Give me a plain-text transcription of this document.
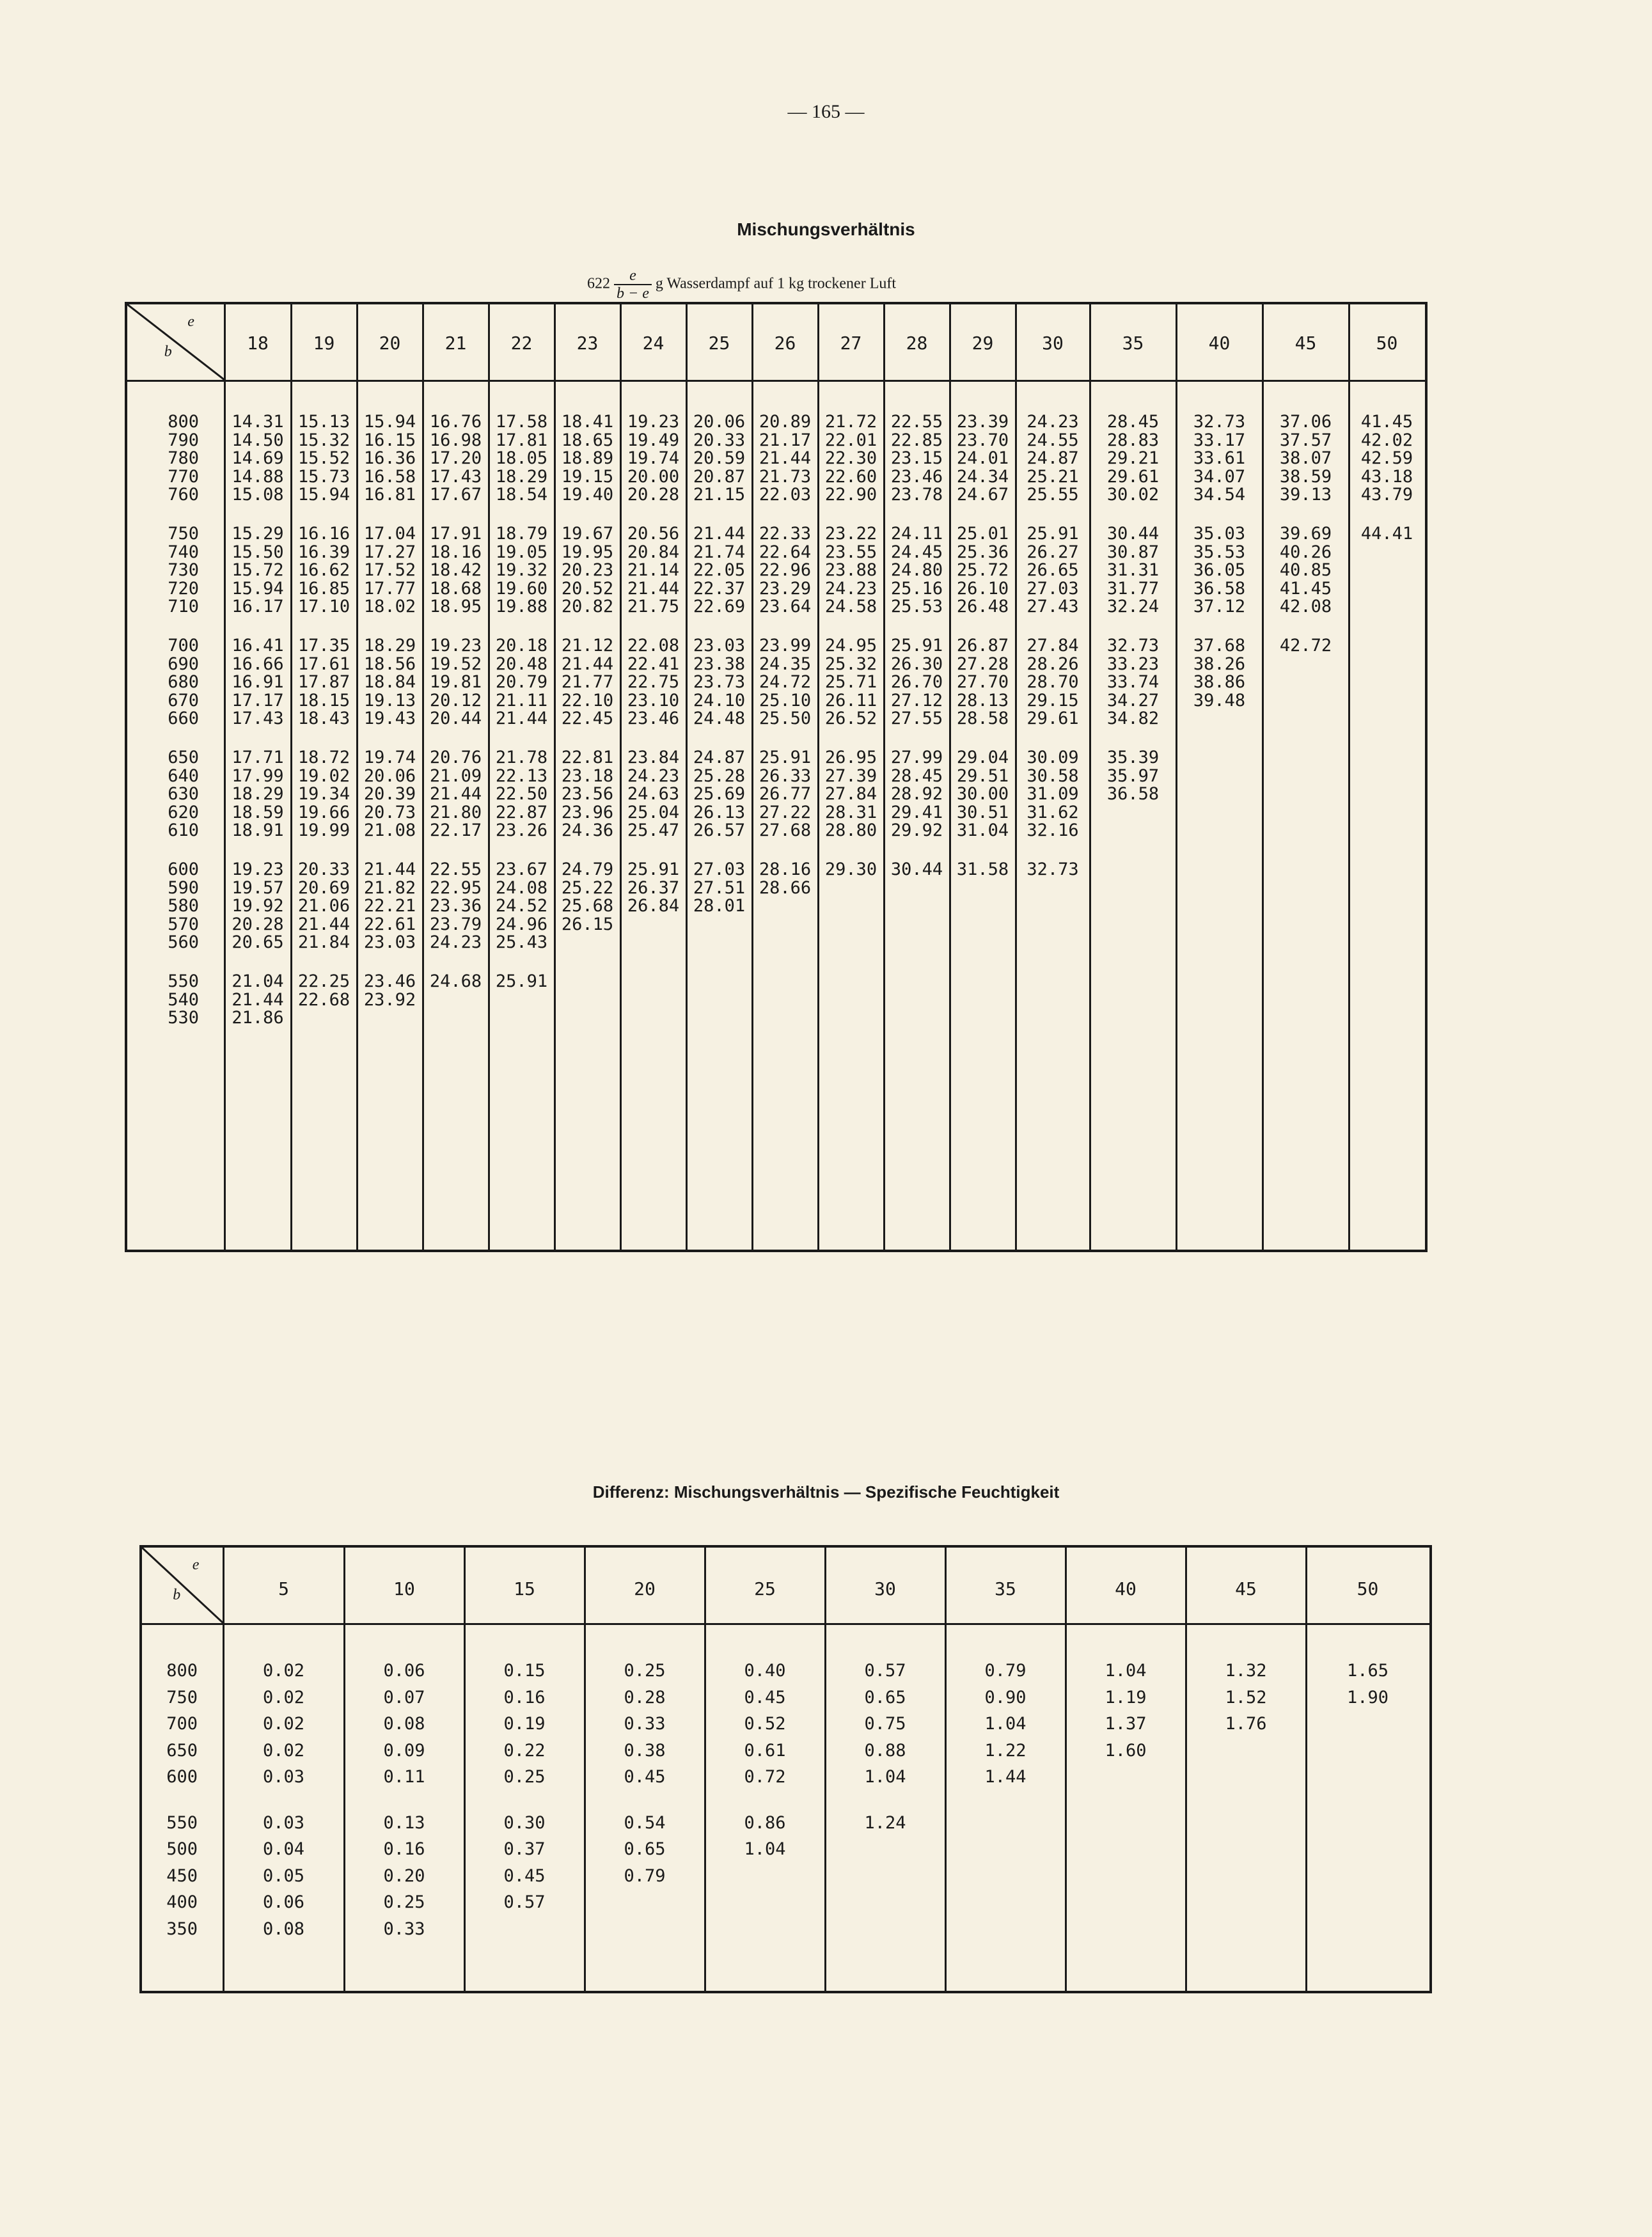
— 165 —
Mischungsverhältnis
$622 \frac{e}{b - e}$ g Wasserdampf auf 1 kg trockener Luft
e
b	18	19	20	21	22	23	24	25	26	27	28	29	30	35	40	45	50
800	14.31 15.13 15.94 16.76 17.58 18.41 19.23 20.06 20.89 21.72 22.55 23.39	24.23	28.45	32.73	37.06	41.45
790	14.50 15.32 16.15 16.98 17.81 18.65 19.49 20.33 21.17 22.01 22.85 23.70	24.55	28.83	33.17	37.57	42.02
780	14.69 15.52 16.36 17.20 18.05 18.89 19.74 20.59 21.44 22.30 23.15 24.01	24.87	29.21	33.61	38.07	42.59
770	14.88 15.73 16.58 17.43 18.29 19.15 20.00 20.87 21.73 22.60 23.46 24.34	25.21	29.61	34.07	38.59	43.18
760	15.08 15.94 16.81 17.67 18.54 19.40 20.28 21.15 22.03 22.90 23.78 24.67	25.55	30.02	34.54	39.13	43.79
750	15.29 16.16 17.04 17.91 18.79 19.67 20.56 21.44 22.33 23.22 24.11 25.01	25.91	30.44	35.03	39.69	44.41
740	15.50 16.39 17.27 18.16 19.05 19.95 20.84 21.74 22.64 23.55 24.45 25.36	26.27	30.87	35.53	40.26
730	15.72 16.62 17.52 18.42 19.32 20.23 21.14 22.05 22.96 23.88 24.80 25.72	26.65	31.31	36.05	40.85
720	15.94 16.85 17.77 18.68 19.60 20.52 21.44 22.37 23.29 24.23 25.16 26.10	27.03	31.77	36.58	41.45
710	16.17 17.10 18.02 18.95 19.88 20.82 21.75 22.69 23.64 24.58 25.53 26.48	27.43	32.24	37.12	42.08
700	16.41 17.35 18.29 19.23 20.18 21.12 22.08 23.03 23.99 24.95 25.91 26.87	27.84	32.73	37.68	42.72
690	16.66 17.61 18.56 19.52 20.48 21.44 22.41 23.38 24.35 25.32 26.30 27.28	28.26	33.23	38.26
680	16.91 17.87 18.84 19.81 20.79 21.77 22.75 23.73 24.72 25.71 26.70 27.70	28.70	33.74	38.86
670	17.17 18.15 19.13 20.12 21.11 22.10 23.10 24.10 25.10 26.11 27.12 28.13	29.15	34.27	39.48
660	17.43 18.43 19.43 20.44 21.44 22.45 23.46 24.48 25.50 26.52 27.55 28.58	29.61	34.82
650	17.71 18.72 19.74 20.76 21.78 22.81 23.84 24.87 25.91 26.95 27.99 29.04	30.09	35.39
640	17.99 19.02 20.06 21.09 22.13 23.18 24.23 25.28 26.33 27.39 28.45 29.51	30.58	35.97
630	18.29 19.34 20.39 21.44 22.50 23.56 24.63 25.69 26.77 27.84 28.92 30.00	31.09	36.58
620	18.59 19.66 20.73 21.80 22.87 23.96 25.04 26.13 27.22 28.31 29.41 30.51	31.62
610	18.91 19.99 21.08 22.17 23.26 24.36 25.47 26.57 27.68 28.80 29.92 31.04	32.16
600	19.23 20.33 21.44 22.55 23.67 24.79 25.91 27.03 28.16 29.30 30.44 31.58	32.73
590	19.57 20.69 21.82 22.95 24.08 25.22 26.37 27.51 28.66
580	19.92 21.06 22.21 23.36 24.52 25.68 26.84 28.01
570	20.28 21.44 22.61 23.79 24.96 26.15
560	20.65 21.84 23.03 24.23 25.43
550	21.04 22.25 23.46 24.68 25.91
540	21.44 22.68 23.92
530	21.86
Differenz: Mischungsverhältnis — Spezifische Feuchtigkeit
e
b	5	10	15	20	25	30	35	40	45	50
800	0.02	0.06	0.15	0.25	0.40	0.57	0.79	1.04	1.32	1.65
750	0.02	0.07	0.16	0.28	0.45	0.65	0.90	1.19	1.52	1.90
700	0.02	0.08	0.19	0.33	0.52	0.75	1.04	1.37	1.76
650	0.02	0.09	0.22	0.38	0.61	0.88	1.22	1.60
600	0.03	0.11	0.25	0.45	0.72	1.04	1.44
550	0.03	0.13	0.30	0.54	0.86	1.24
500	0.04	0.16	0.37	0.65	1.04
450	0.05	0.20	0.45	0.79
400	0.06	0.25	0.57
350	0.08	0.33
